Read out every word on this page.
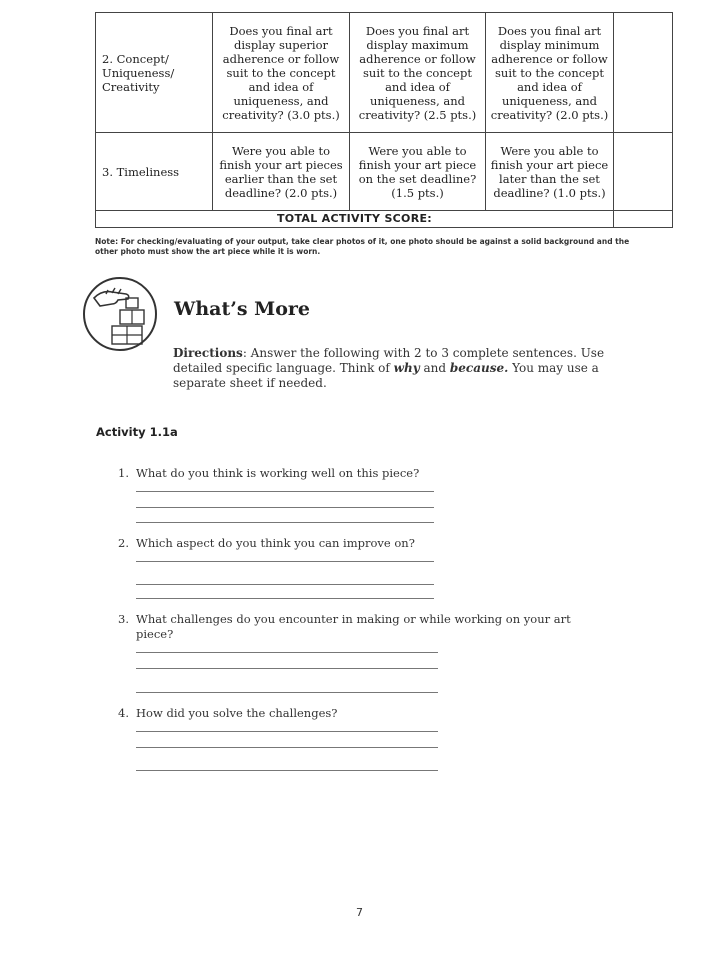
2. Concept/
Uniqueness/
Creativity	Does you final art display superior adherence or follow suit to the concept and idea of uniqueness, and creativity? (3.0 pts.)	Does you final art display maximum adherence or follow suit to the concept and idea of uniqueness, and creativity? (2.5 pts.)	Does you final art display minimum adherence or follow suit to the concept and idea of uniqueness, and creativity? (2.0 pts.)	
3. Timeliness	Were you able to finish your art pieces earlier than the set deadline? (2.0 pts.)	Were you able to finish your art piece on the set deadline? (1.5 pts.)	Were you able to finish your art piece later than the set deadline? (1.0 pts.)	
TOTAL ACTIVITY SCORE:				
Note: For checking/evaluating of your output, take clear photos of it, one photo should be against a solid background and the other photo must show the art piece while it is worn.
What’s More
Directions: Answer the following with 2 to 3 complete sentences. Use detailed specific language. Think of why and because. You may use a separate sheet if needed.
Activity 1.1a
1. What do you think is working well on this piece?
2. Which aspect do you think you can improve on?
3. What challenges do you encounter in making or while working on your art piece?
4. How did you solve the challenges?
7
